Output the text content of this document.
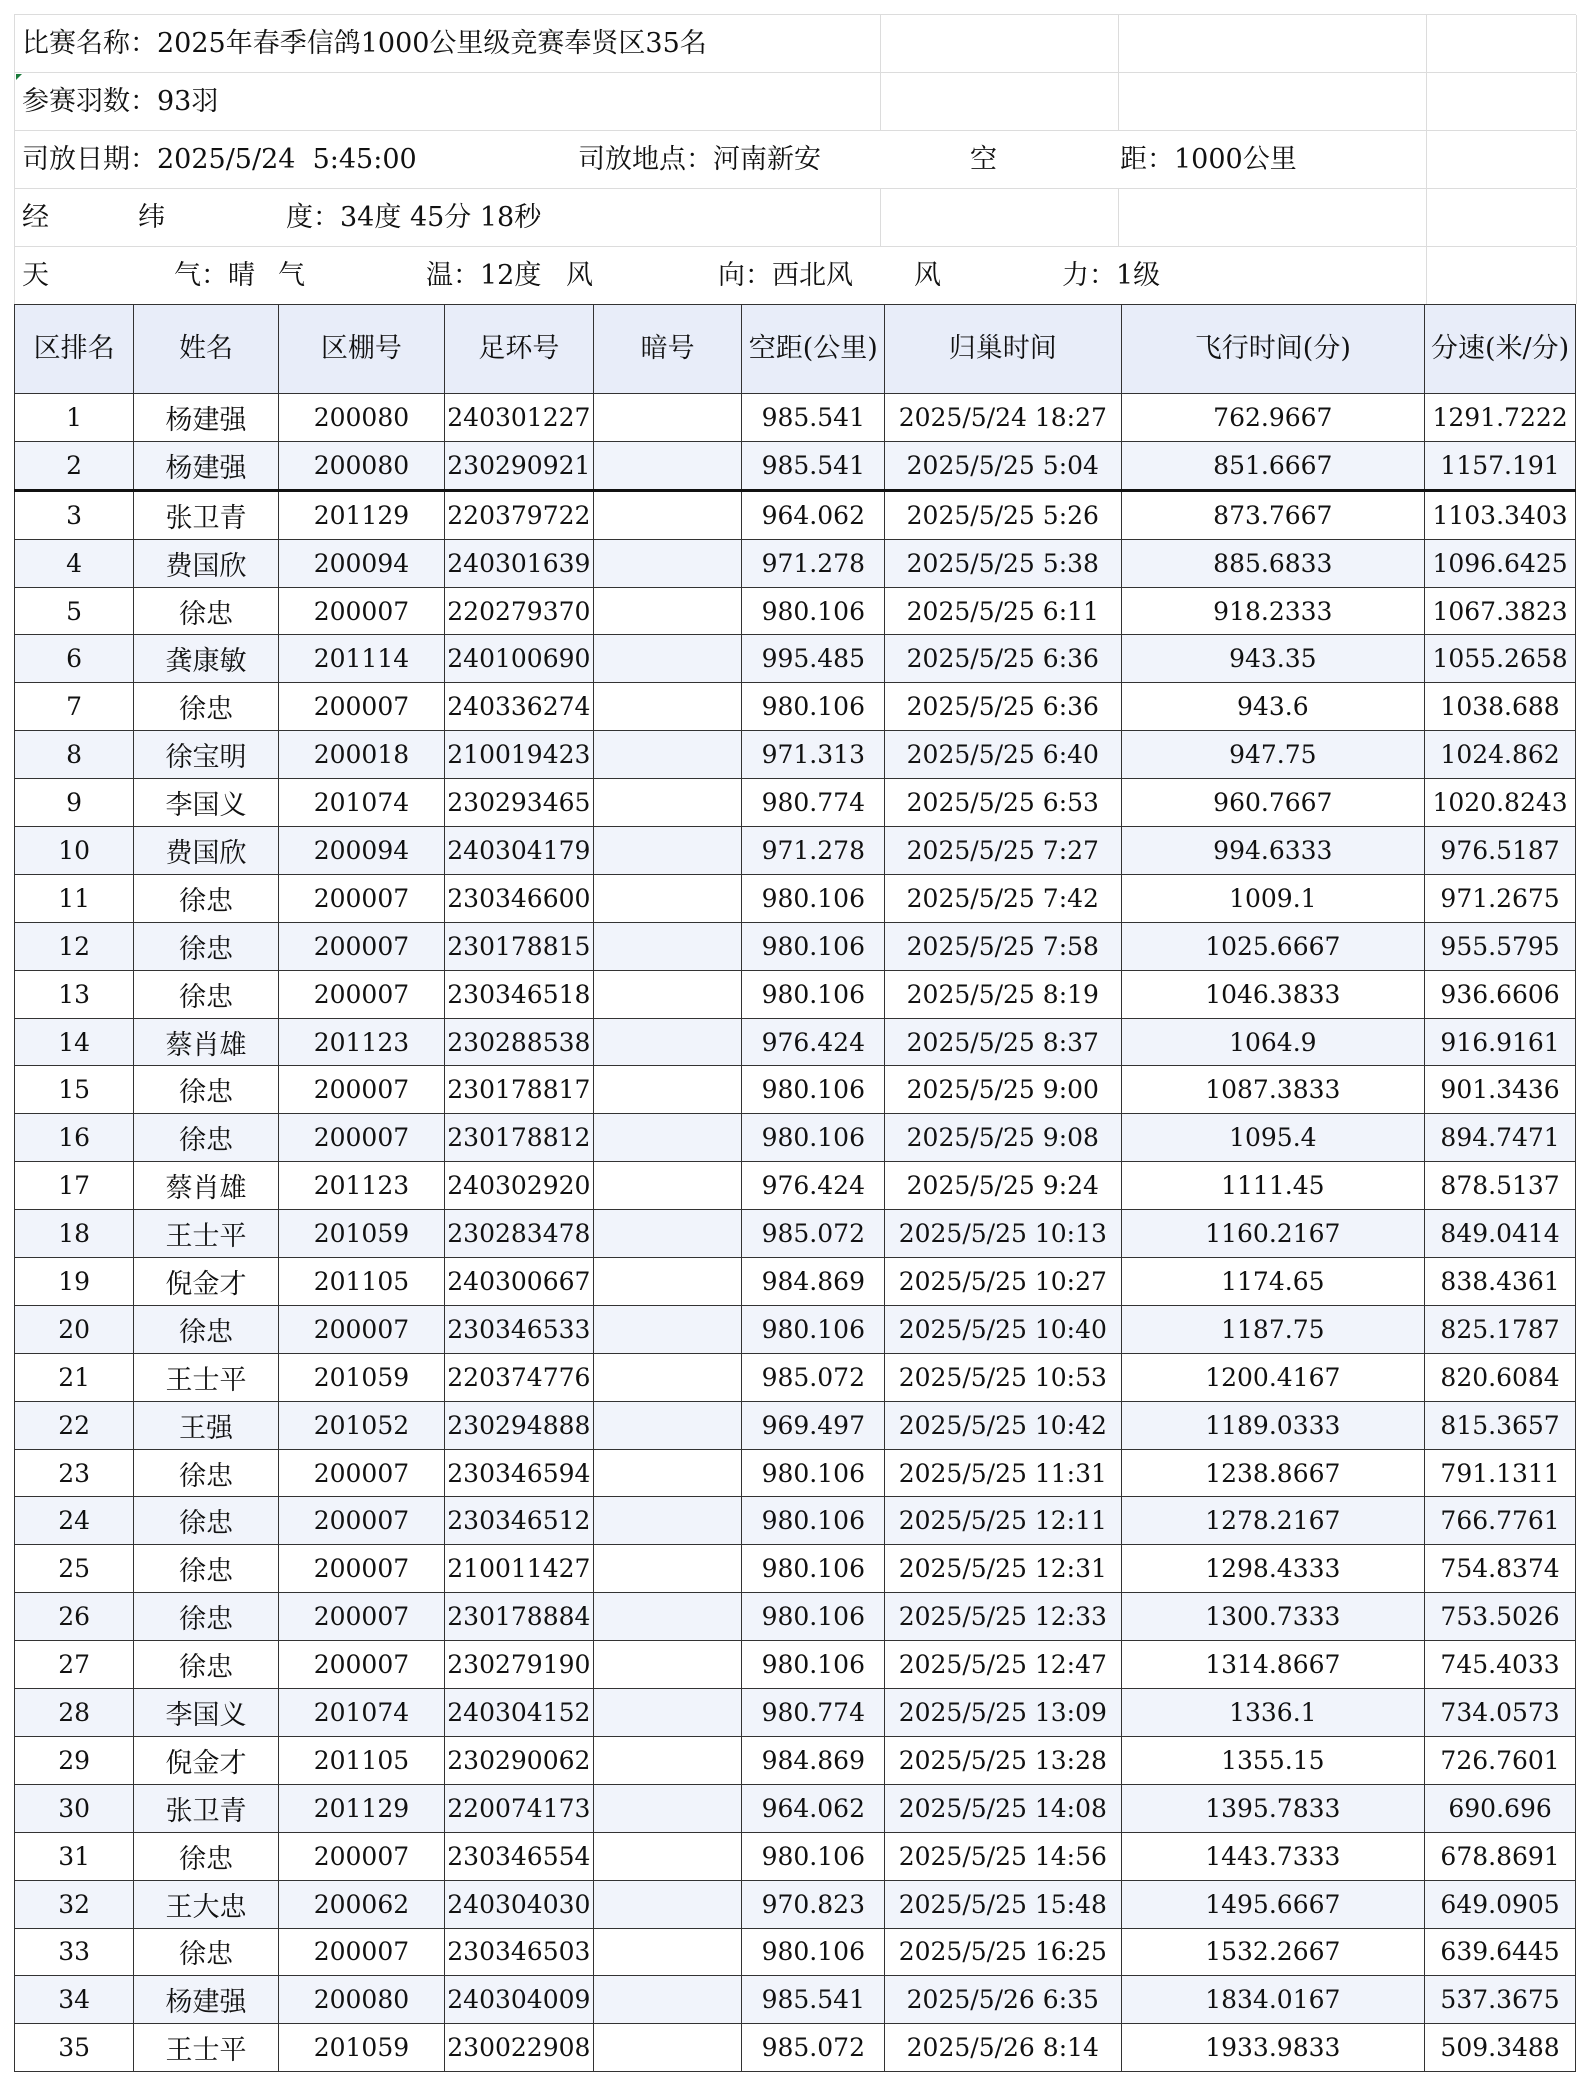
比赛名称：2025年春季信鸽1000公里级竞赛奉贤区35名
参赛羽数：93羽
司放日期：2025/5/24  5:45:00	司放地点：河南新安	空	距：1000公里
经	纬	度：34度 45分 18秒
天	气：晴 气	温：12度 风	向：西北风 风	力：1级
区排名	姓名	区棚号	足环号	暗号	空距(公里)	归巢时间	飞行时间(分)	分速(米/分)
1	杨建强	200080	240301227		985.541	2025/5/24 18:27	762.9667	1291.7222
2	杨建强	200080	230290921		985.541	2025/5/25 5:04	851.6667	1157.191
3	张卫青	201129	220379722		964.062	2025/5/25 5:26	873.7667	1103.3403
4	费国欣	200094	240301639		971.278	2025/5/25 5:38	885.6833	1096.6425
5	徐忠	200007	220279370		980.106	2025/5/25 6:11	918.2333	1067.3823
6	龚康敏	201114	240100690		995.485	2025/5/25 6:36	943.35	1055.2658
7	徐忠	200007	240336274		980.106	2025/5/25 6:36	943.6	1038.688
8	徐宝明	200018	210019423		971.313	2025/5/25 6:40	947.75	1024.862
9	李国义	201074	230293465		980.774	2025/5/25 6:53	960.7667	1020.8243
10	费国欣	200094	240304179		971.278	2025/5/25 7:27	994.6333	976.5187
11	徐忠	200007	230346600		980.106	2025/5/25 7:42	1009.1	971.2675
12	徐忠	200007	230178815		980.106	2025/5/25 7:58	1025.6667	955.5795
13	徐忠	200007	230346518		980.106	2025/5/25 8:19	1046.3833	936.6606
14	蔡肖雄	201123	230288538		976.424	2025/5/25 8:37	1064.9	916.9161
15	徐忠	200007	230178817		980.106	2025/5/25 9:00	1087.3833	901.3436
16	徐忠	200007	230178812		980.106	2025/5/25 9:08	1095.4	894.7471
17	蔡肖雄	201123	240302920		976.424	2025/5/25 9:24	1111.45	878.5137
18	王士平	201059	230283478		985.072	2025/5/25 10:13	1160.2167	849.0414
19	倪金才	201105	240300667		984.869	2025/5/25 10:27	1174.65	838.4361
20	徐忠	200007	230346533		980.106	2025/5/25 10:40	1187.75	825.1787
21	王士平	201059	220374776		985.072	2025/5/25 10:53	1200.4167	820.6084
22	王强	201052	230294888		969.497	2025/5/25 10:42	1189.0333	815.3657
23	徐忠	200007	230346594		980.106	2025/5/25 11:31	1238.8667	791.1311
24	徐忠	200007	230346512		980.106	2025/5/25 12:11	1278.2167	766.7761
25	徐忠	200007	210011427		980.106	2025/5/25 12:31	1298.4333	754.8374
26	徐忠	200007	230178884		980.106	2025/5/25 12:33	1300.7333	753.5026
27	徐忠	200007	230279190		980.106	2025/5/25 12:47	1314.8667	745.4033
28	李国义	201074	240304152		980.774	2025/5/25 13:09	1336.1	734.0573
29	倪金才	201105	230290062		984.869	2025/5/25 13:28	1355.15	726.7601
30	张卫青	201129	220074173		964.062	2025/5/25 14:08	1395.7833	690.696
31	徐忠	200007	230346554		980.106	2025/5/25 14:56	1443.7333	678.8691
32	王大忠	200062	240304030		970.823	2025/5/25 15:48	1495.6667	649.0905
33	徐忠	200007	230346503		980.106	2025/5/25 16:25	1532.2667	639.6445
34	杨建强	200080	240304009		985.541	2025/5/26 6:35	1834.0167	537.3675
35	王士平	201059	230022908		985.072	2025/5/26 8:14	1933.9833	509.3488
